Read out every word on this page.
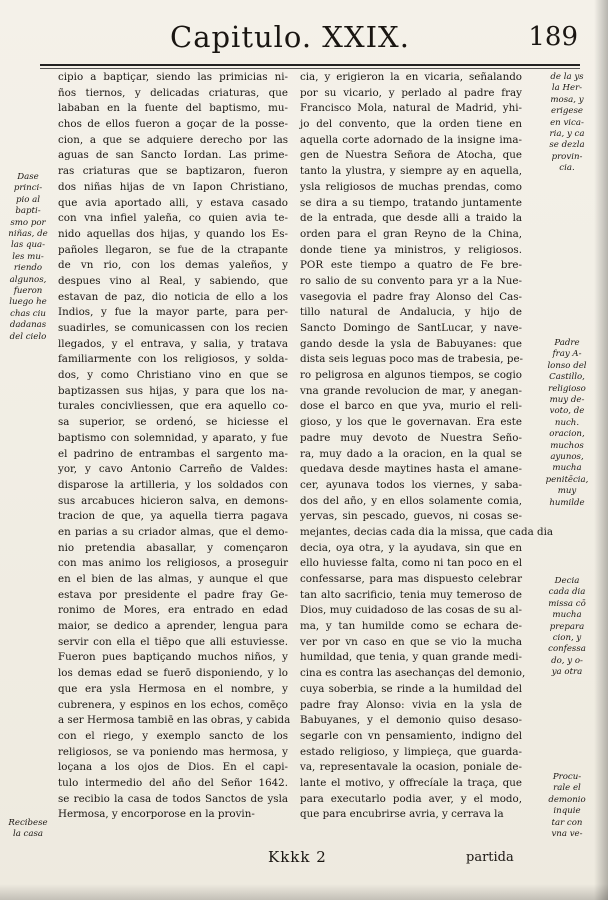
Capitulo. XXIX.	189
cipio a baptiçar, siendo las primicias ni-
ños tiernos, y delicadas criaturas, que
lababan en la fuente del baptismo, mu-
chos de ellos fueron a goçar de la posse-
cion, a que se adquiere derecho por las
aguas de san Sancto Iordan. Las prime-
ras criaturas que se baptizaron, fueron
dos niñas hijas de vn Iapon Christiano,
que avia aportado alli, y estava casado
con vna infiel yaleña, co quien avia te-
nido aquellas dos hijas, y quando los Es-
pañoles llegaron, se fue de la ctrapante
de vn rio, con los demas yaleños, y
despues vino al Real, y sabiendo, que
estavan de paz, dio noticia de ello a los
Indios, y fue la mayor parte, para per-
suadirles, se comunicassen con los recien
llegados, y el entrava, y salia, y tratava
familiarmente con los religiosos, y solda-
dos, y como Christiano vino en que se
baptizassen sus hijas, y para que los na-
turales concivliessen, que era aquello co-
sa superior, se ordenó, se hiciesse el
baptismo con solemnidad, y aparato, y fue
el padrino de entrambas el sargento ma-
yor, y cavo Antonio Carreño de Valdes:
disparose la artilleria, y los soldados con
sus arcabuces hicieron salva, en demons-
tracion de que, ya aquella tierra pagava
en parias a su criador almas, que el demo-
nio pretendia abasallar, y començaron
con mas animo los religiosos, a proseguir
en el bien de las almas, y aunque el que
estava por presidente el padre fray Ge-
ronimo de Mores, era entrado en edad
maior, se dedico a aprender, lengua para
servir con ella el tiēpo que alli estuviesse.
Fueron pues baptiçando muchos niños, y
los demas edad se fuerō disponiendo, y lo
que era ysla Hermosa en el nombre, y
cubrenera, y espinos en los echos, comēço
a ser Hermosa tambiē en las obras, y cabida
con el riego, y exemplo sancto de los
religiosos, se va poniendo mas hermosa, y
loçana a los ojos de Dios. En el capi-
tulo intermedio del año del Señor 1642.
se recibio la casa de todos Sanctos de ysla
Hermosa, y encorporose en la provin-
cia, y erigieron la en vicaria, señalando
por su vicario, y perlado al padre fray
Francisco Mola, natural de Madrid, yhi-
jo del convento, que la orden tiene en
aquella corte adornado de la insigne ima-
gen de Nuestra Señora de Atocha, que
tanto la ylustra, y siempre ay en aquella,
ysla religiosos de muchas prendas, como
se dira a su tiempo, tratando juntamente
de la entrada, que desde alli a traido la
orden para el gran Reyno de la China,
donde tiene ya ministros, y religiosos.
POR este tiempo a quatro de Fe bre-
ro salio de su convento para yr a la Nue-
vasegovia el padre fray Alonso del Cas-
tillo natural de Andalucia, y hijo de
Sancto Domingo de SantLucar, y nave-
gando desde la ysla de Babuyanes: que
dista seis leguas poco mas de trabesia, pe-
ro peligrosa en algunos tiempos, se cogio
vna grande revolucion de mar, y anegan-
dose el barco en que yva, murio el reli-
gioso, y los que le governavan. Era este
padre muy devoto de Nuestra Seño-
ra, muy dado a la oracion, en la qual se
quedava desde maytines hasta el amane-
cer, ayunava todos los viernes, y saba-
dos del año, y en ellos solamente comia,
yervas, sin pescado, guevos, ni cosas se-
mejantes, decias cada dia la missa, que cada dia
decia, oya otra, y la ayudava, sin que en
ello huviesse falta, como ni tan poco en el
confessarse, para mas dispuesto celebrar
tan alto sacrificio, tenia muy temeroso de
Dios, muy cuidadoso de las cosas de su al-
ma, y tan humilde como se echara de-
ver por vn caso en que se vio la mucha
humildad, que tenia, y quan grande medi-
cina es contra las asechanças del demonio,
cuya soberbia, se rinde a la humildad del
padre fray Alonso: vivia en la ysla de
Babuyanes, y el demonio quiso desaso-
segarle con vn pensamiento, indigno del
estado religioso, y limpieça, que guarda-
va, representavale la ocasion, poniale de-
lante el motivo, y offrecíale la traça, que
para executarlo podia aver, y el modo,
que para encubrirse avria, y cerrava la
Dase
princi-
pio al
bapti-
smo por
niñas, de
las qua-
les mu-
riendo
algunos,
fueron
luego he
chas ciu
dadanas
del cielo
Recibese
la casa
de la ys
la Her-
mosa, y
erigese
en vica-
ria, y ca
se dezla
provin-
cia.
Padre
fray A-
lonso del
Castillo,
religioso
muy de-
voto, de
nuch.
oracion,
muchos
ayunos,
mucha
penitēcia,
muy
humilde
Decia
cada dia
missa cō
mucha
prepara
cion, y
confessa
do, y o-
ya otra
Procu-
rale el
demonio
inquie
tar con
vna ve-
Kkkk 2	partida
